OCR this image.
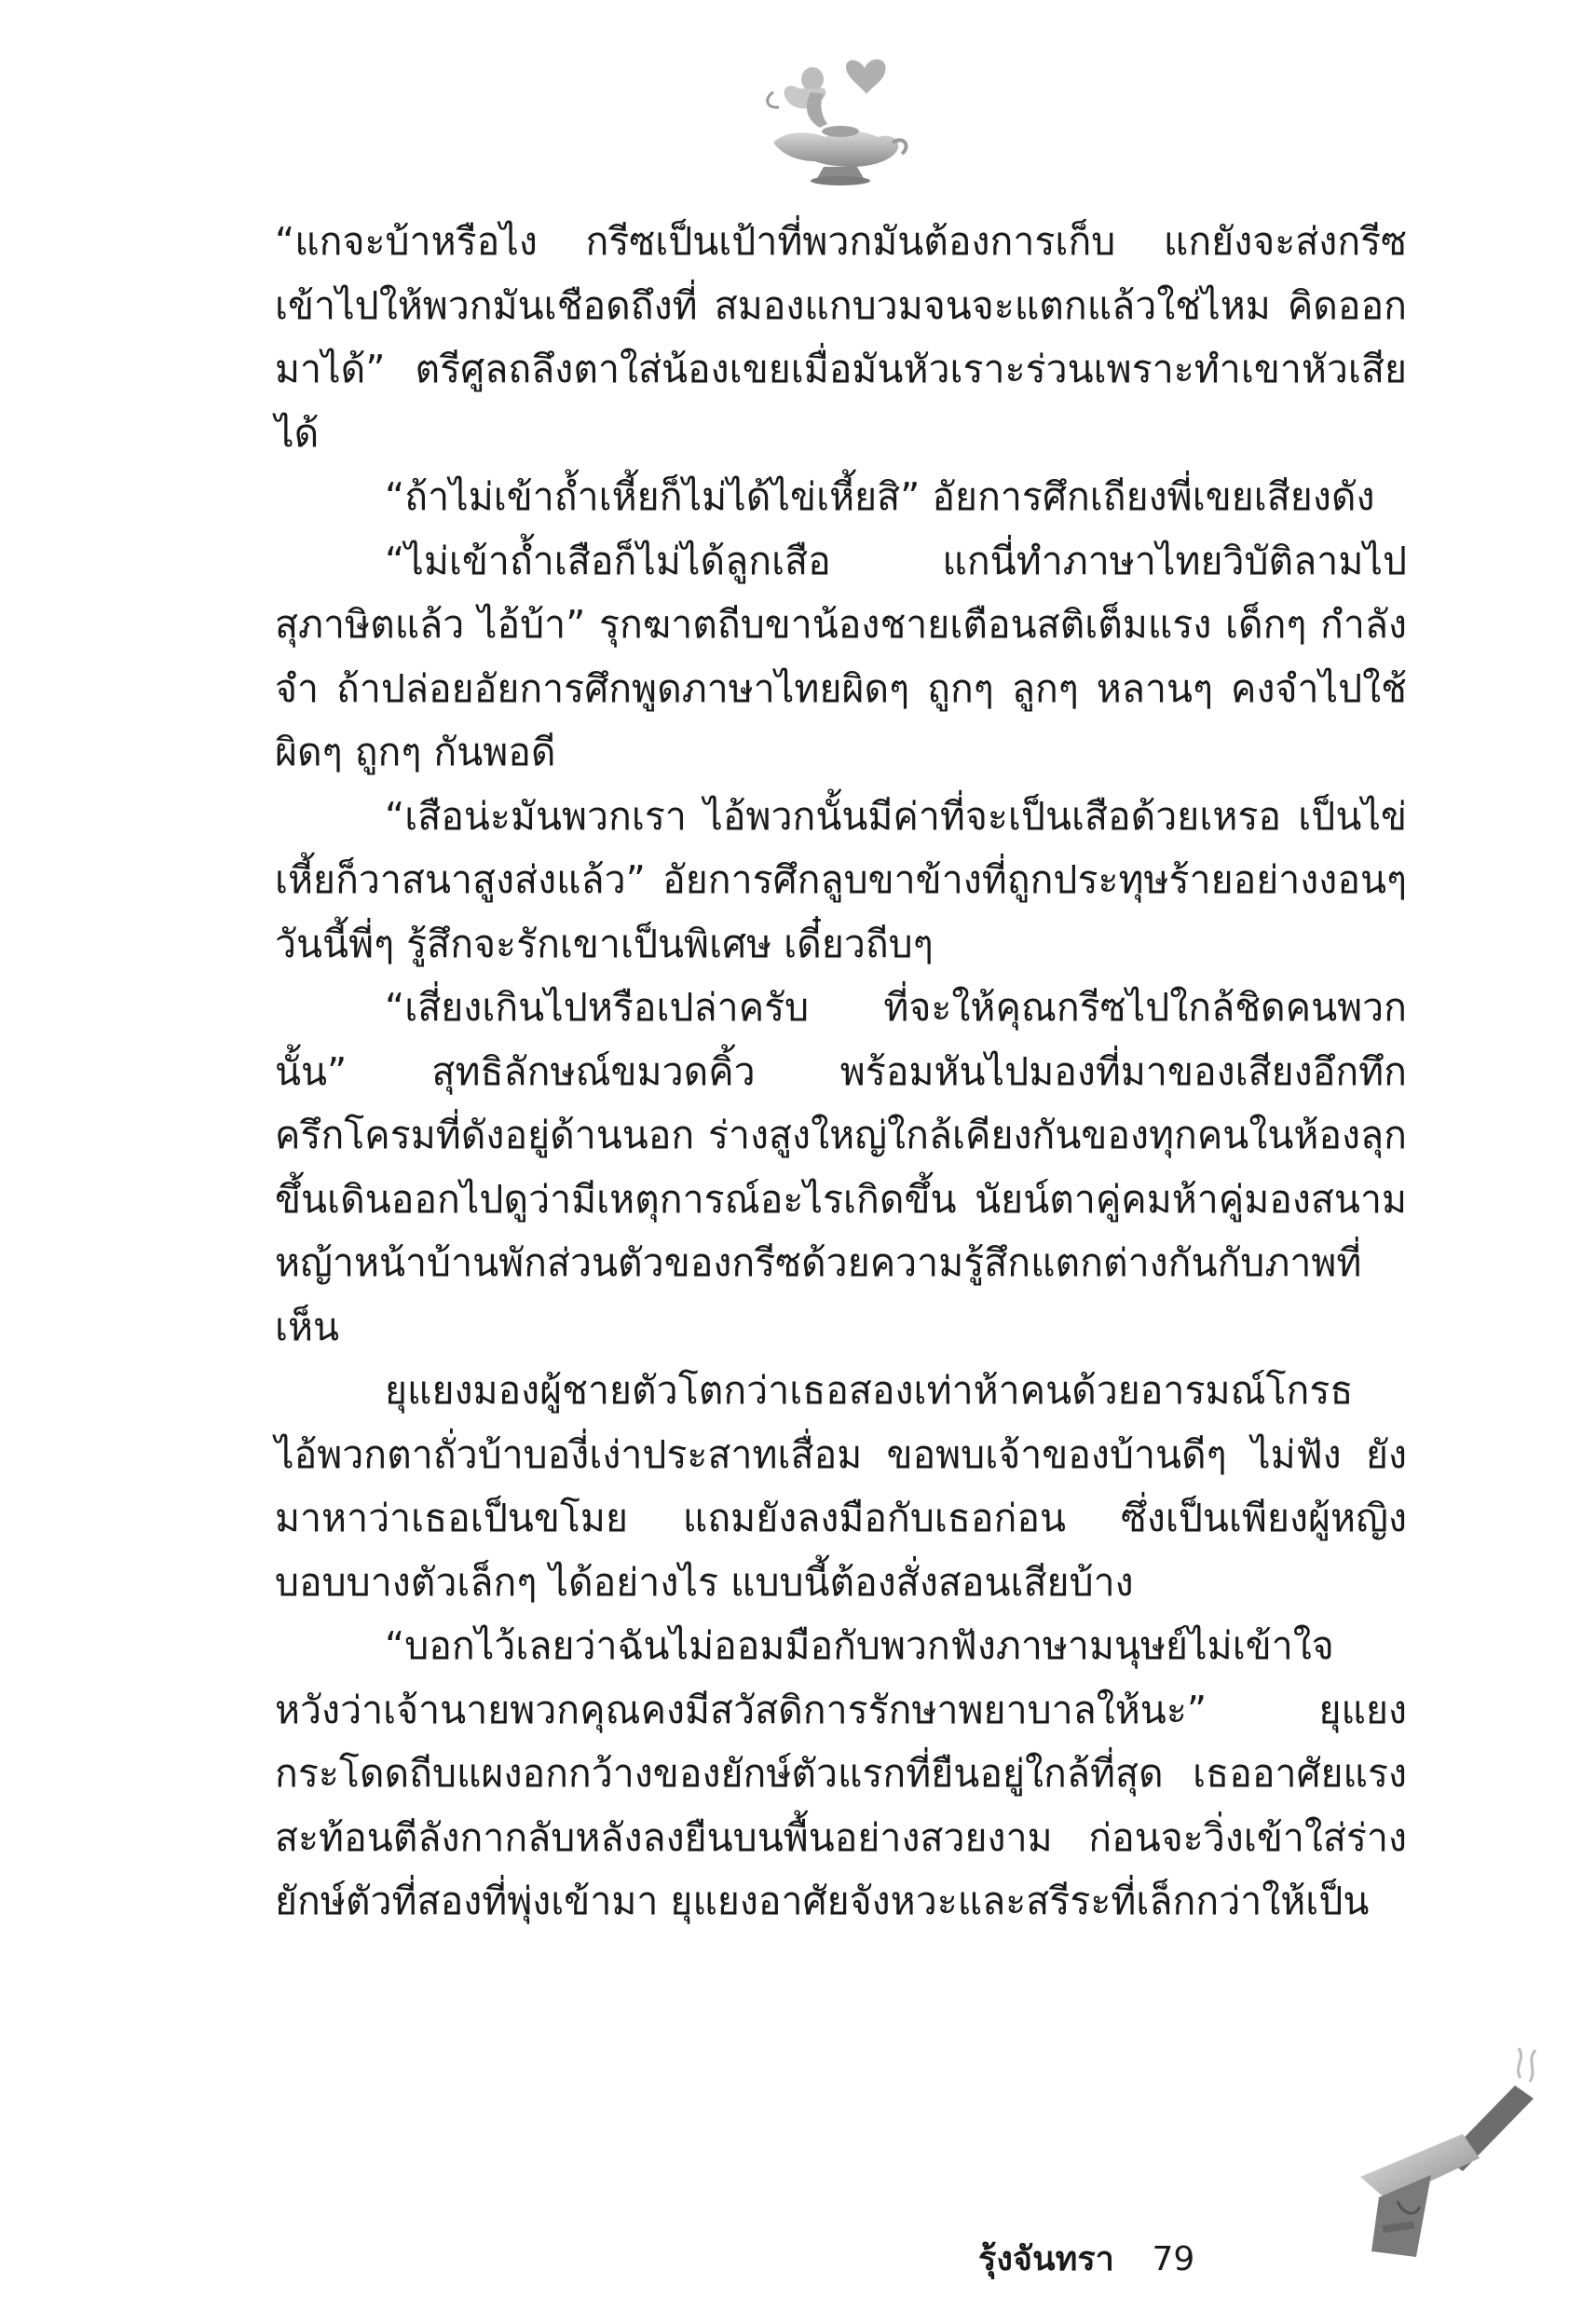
“แกจะบ้าหรือไง กรีซเป็นเป้าที่พวกมันต้องการเก็บ แกยังจะส่งกรีซเข้าไปให้พวกมันเชือดถึงที่ สมองแกบวมจนจะแตกแล้วใช่ไหม คิดออกมาได้” ตรีศูลถลึงตาใส่น้องเขยเมื่อมันหัวเราะร่วนเพราะทำเขาหัวเสียได้

“ถ้าไม่เข้าถ้ำเหี้ยก็ไม่ได้ไข่เหี้ยสิ” อัยการศึกเถียงพี่เขยเสียงดัง

“ไม่เข้าถ้ำเสือก็ไม่ได้ลูกเสือ แกนี่ทำภาษาไทยวิบัติลามไปสุภาษิตแล้ว ไอ้บ้า” รุกฆาตถีบขาน้องชายเตือนสติเต็มแรง เด็กๆ กำลังจำ ถ้าปล่อยอัยการศึกพูดภาษาไทยผิดๆ ถูกๆ ลูกๆ หลานๆ คงจำไปใช้ผิดๆ ถูกๆ กันพอดี

“เสือน่ะมันพวกเรา ไอ้พวกนั้นมีค่าที่จะเป็นเสือด้วยเหรอ เป็นไข่เหี้ยก็วาสนาสูงส่งแล้ว” อัยการศึกลูบขาข้างที่ถูกประทุษร้ายอย่างงอนๆ วันนี้พี่ๆ รู้สึกจะรักเขาเป็นพิเศษ เดี๋ยวถีบๆ

“เสี่ยงเกินไปหรือเปล่าครับ ที่จะให้คุณกรีซไปใกล้ชิดคนพวกนั้น” สุทธิลักษณ์ขมวดคิ้ว พร้อมหันไปมองที่มาของเสียงอึกทึกครึกโครมที่ดังอยู่ด้านนอก ร่างสูงใหญ่ใกล้เคียงกันของทุกคนในห้องลุกขึ้นเดินออกไปดูว่ามีเหตุการณ์อะไรเกิดขึ้น นัยน์ตาคู่คมห้าคู่มองสนามหญ้าหน้าบ้านพักส่วนตัวของกรีซด้วยความรู้สึกแตกต่างกันกับภาพที่เห็น

ยุแยงมองผู้ชายตัวโตกว่าเธอสองเท่าห้าคนด้วยอารมณ์โกรธ ไอ้พวกตาถั่วบ้าบองี่เง่าประสาทเสื่อม ขอพบเจ้าของบ้านดีๆ ไม่ฟัง ยังมาหาว่าเธอเป็นขโมย แถมยังลงมือกับเธอก่อน ซึ่งเป็นเพียงผู้หญิงบอบบางตัวเล็กๆ ได้อย่างไร แบบนี้ต้องสั่งสอนเสียบ้าง

“บอกไว้เลยว่าฉันไม่ออมมือกับพวกฟังภาษามนุษย์ไม่เข้าใจ หวังว่าเจ้านายพวกคุณคงมีสวัสดิการรักษาพยาบาลให้นะ” ยุแยงกระโดดถีบแผงอกกว้างของยักษ์ตัวแรกที่ยืนอยู่ใกล้ที่สุด เธออาศัยแรงสะท้อนตีลังกากลับหลังลงยืนบนพื้นอย่างสวยงาม ก่อนจะวิ่งเข้าใส่ร่างยักษ์ตัวที่สองที่พุ่งเข้ามา ยุแยงอาศัยจังหวะและสรีระที่เล็กกว่าให้เป็น

รุ้งจันทรา 79
